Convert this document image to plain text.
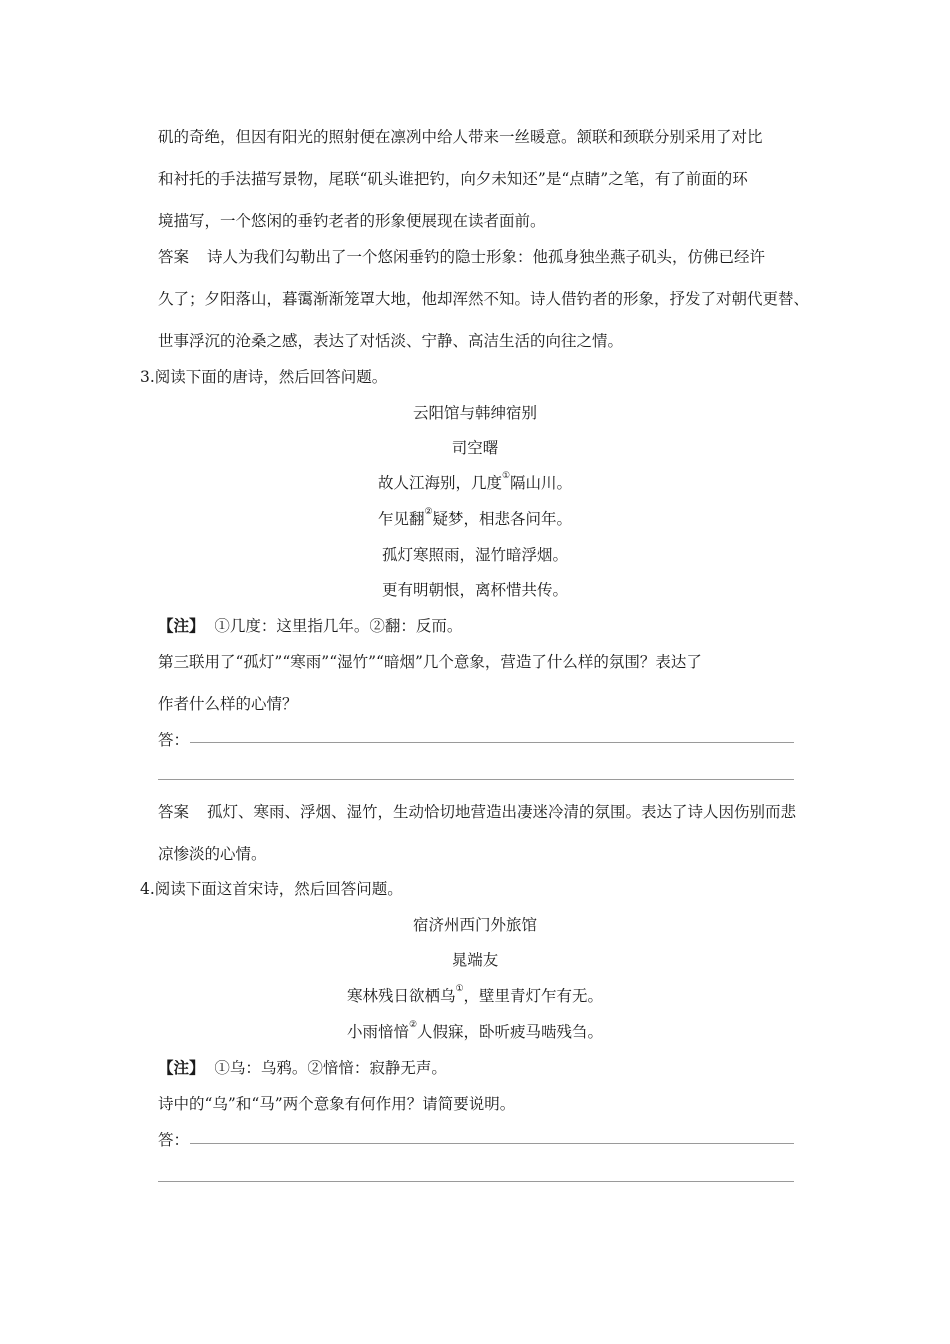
矶的奇绝，但因有阳光的照射便在凛冽中给人带来一丝暖意。颔联和颈联分别采用了对比
和衬托的手法描写景物，尾联“矶头谁把钓，向夕未知还”是“点睛”之笔，有了前面的环
境描写，一个悠闲的垂钓老者的形象便展现在读者面前。
答案 诗人为我们勾勒出了一个悠闲垂钓的隐士形象：他孤身独坐燕子矶头，仿佛已经许
久了；夕阳落山，暮霭渐渐笼罩大地，他却浑然不知。诗人借钓者的形象，抒发了对朝代更替、
世事浮沉的沧桑之感，表达了对恬淡、宁静、高洁生活的向往之情。
3.阅读下面的唐诗，然后回答问题。
云阳馆与韩绅宿别
司空曙
故人江海别，几度①隔山川。
乍见翻②疑梦，相悲各问年。
孤灯寒照雨，湿竹暗浮烟。
更有明朝恨，离杯惜共传。
【注】 ①几度：这里指几年。②翻：反而。
第三联用了“孤灯”“寒雨”“湿竹”“暗烟”几个意象，营造了什么样的氛围？表达了
作者什么样的心情？
答：
答案 孤灯、寒雨、浮烟、湿竹，生动恰切地营造出凄迷冷清的氛围。表达了诗人因伤别而悲
凉惨淡的心情。
4.阅读下面这首宋诗，然后回答问题。
宿济州西门外旅馆
晁端友
寒林残日欲栖乌①，壁里青灯乍有无。
小雨愔愔②人假寐，卧听疲马啮残刍。
【注】 ①乌：乌鸦。②愔愔：寂静无声。
诗中的“乌”和“马”两个意象有何作用？请简要说明。
答：
